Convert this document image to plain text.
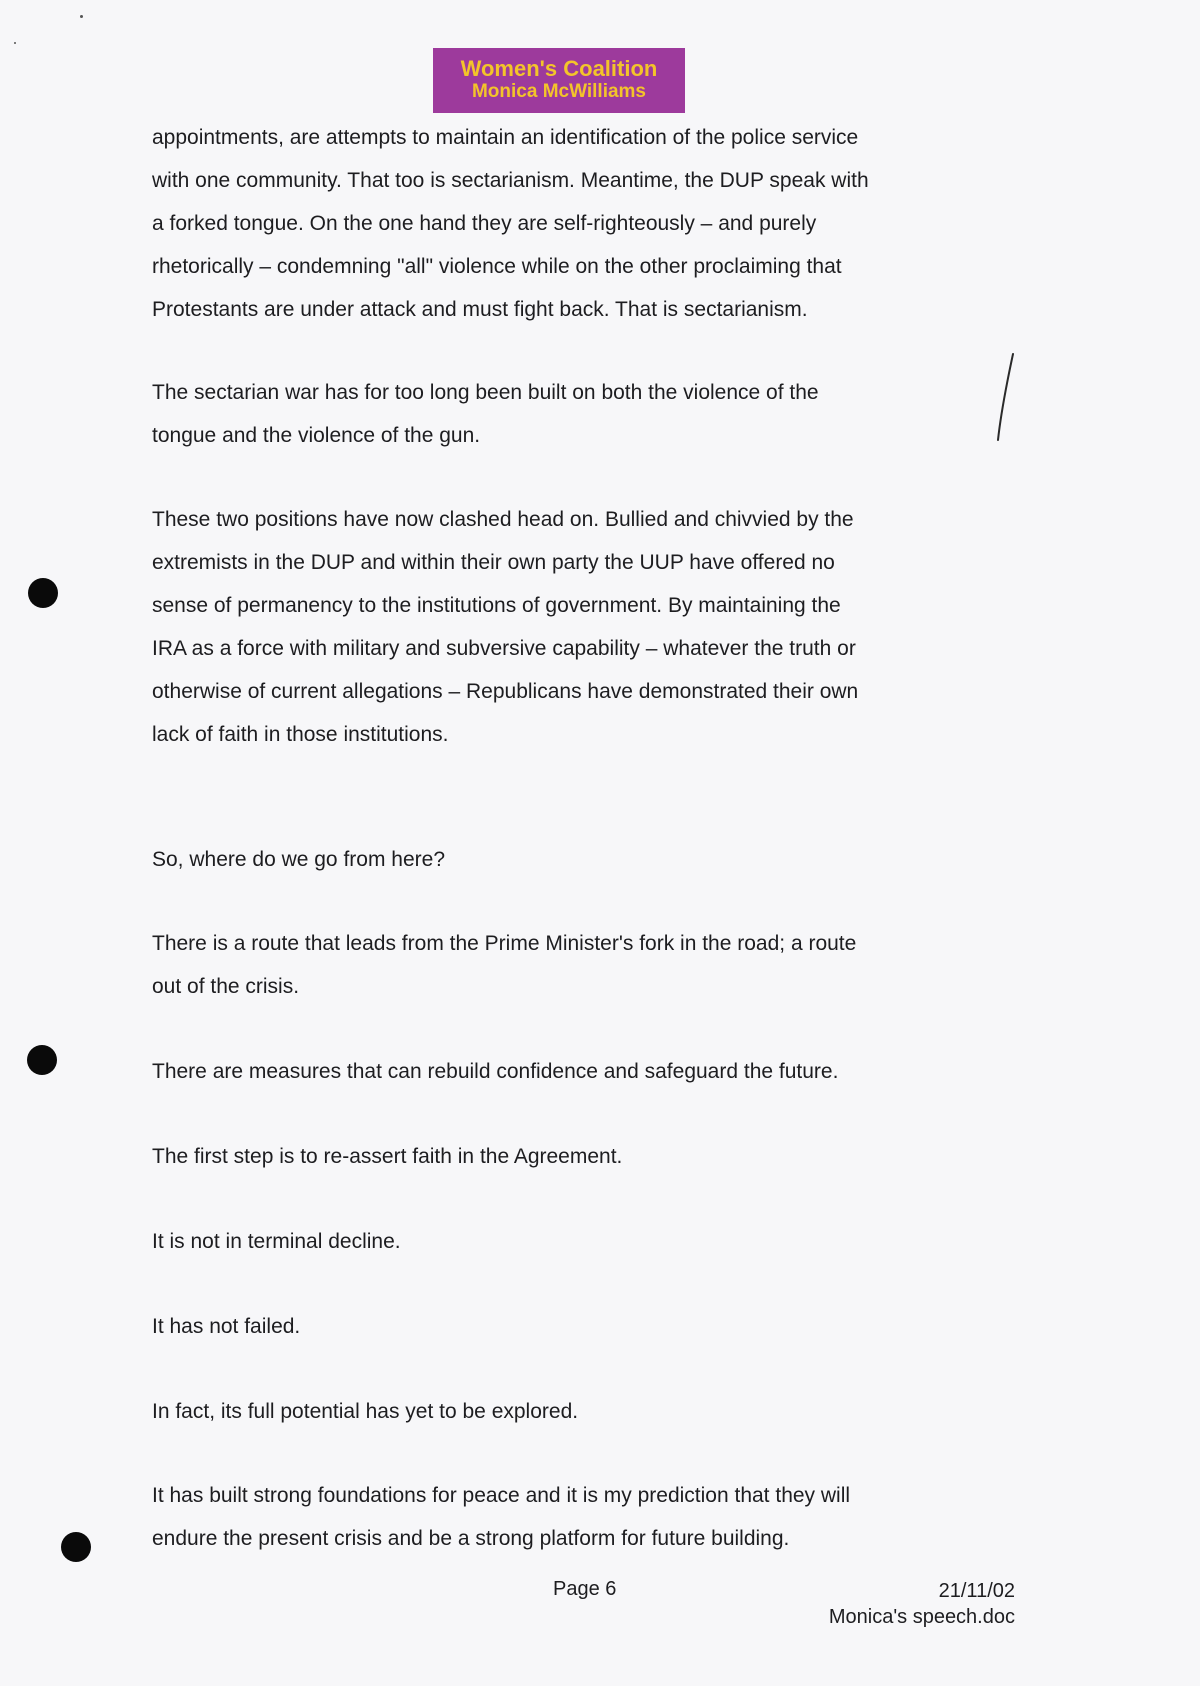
Women's Coalition
Monica McWilliams

appointments, are attempts to maintain an identification of the police service
with one community. That too is sectarianism. Meantime, the DUP speak with
a forked tongue. On the one hand they are self-righteously – and purely
rhetorically – condemning "all" violence while on the other proclaiming that
Protestants are under attack and must fight back. That is sectarianism.

The sectarian war has for too long been built on both the violence of the
tongue and the violence of the gun.

These two positions have now clashed head on. Bullied and chivvied by the
extremists in the DUP and within their own party the UUP have offered no
sense of permanency to the institutions of government. By maintaining the
IRA as a force with military and subversive capability – whatever the truth or
otherwise of current allegations – Republicans have demonstrated their own
lack of faith in those institutions.

So, where do we go from here?

There is a route that leads from the Prime Minister's fork in the road; a route
out of the crisis.

There are measures that can rebuild confidence and safeguard the future.

The first step is to re-assert faith in the Agreement.

It is not in terminal decline.

It has not failed.

In fact, its full potential has yet to be explored.

It has built strong foundations for peace and it is my prediction that they will
endure the present crisis and be a strong platform for future building.

Page 6	21/11/02
Monica's speech.doc
